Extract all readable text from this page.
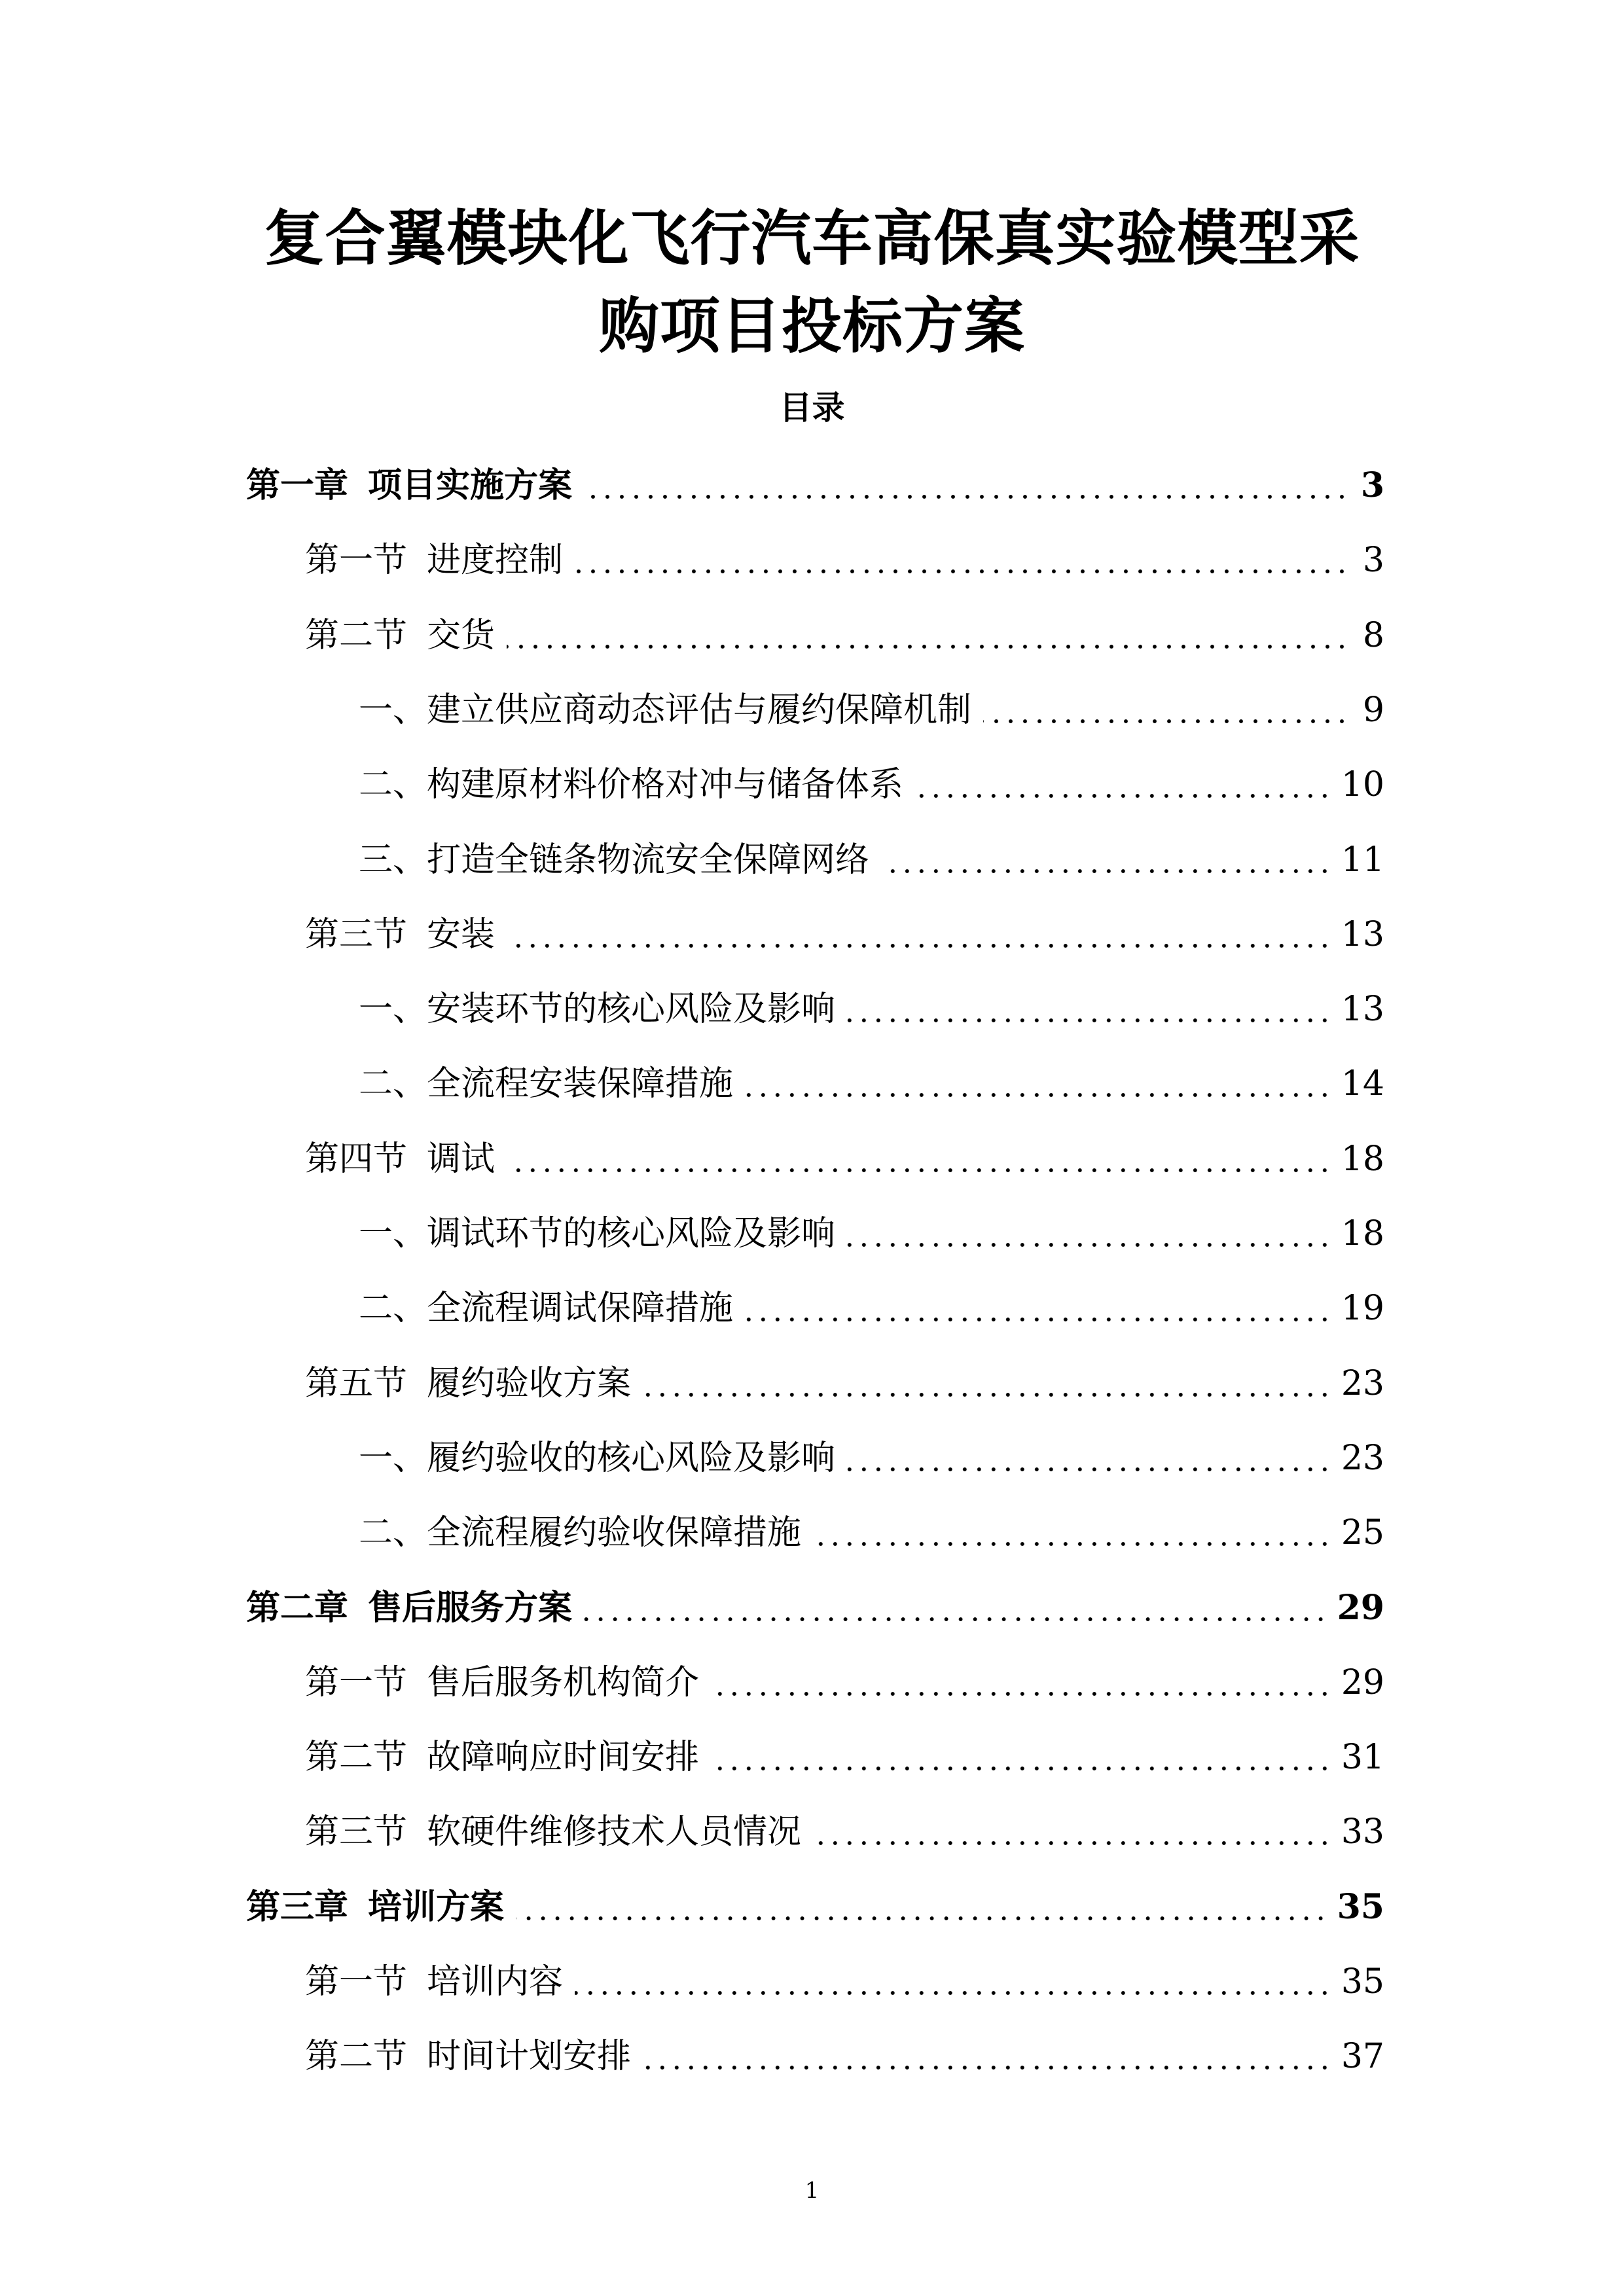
复合翼模块化飞行汽车高保真实验模型采
购项目投标方案
目录
第一章 项目实施方案	3
第一节 进度控制	3
第二节 交货	8
一、建立供应商动态评估与履约保障机制	9
二、构建原材料价格对冲与储备体系	10
三、打造全链条物流安全保障网络	11
第三节 安装	13
一、安装环节的核心风险及影响	13
二、全流程安装保障措施	14
第四节 调试	18
一、调试环节的核心风险及影响	18
二、全流程调试保障措施	19
第五节 履约验收方案	23
一、履约验收的核心风险及影响	23
二、全流程履约验收保障措施	25
第二章 售后服务方案	29
第一节 售后服务机构简介	29
第二节 故障响应时间安排	31
第三节 软硬件维修技术人员情况	33
第三章 培训方案	35
第一节 培训内容	35
第二节 时间计划安排	37
1
